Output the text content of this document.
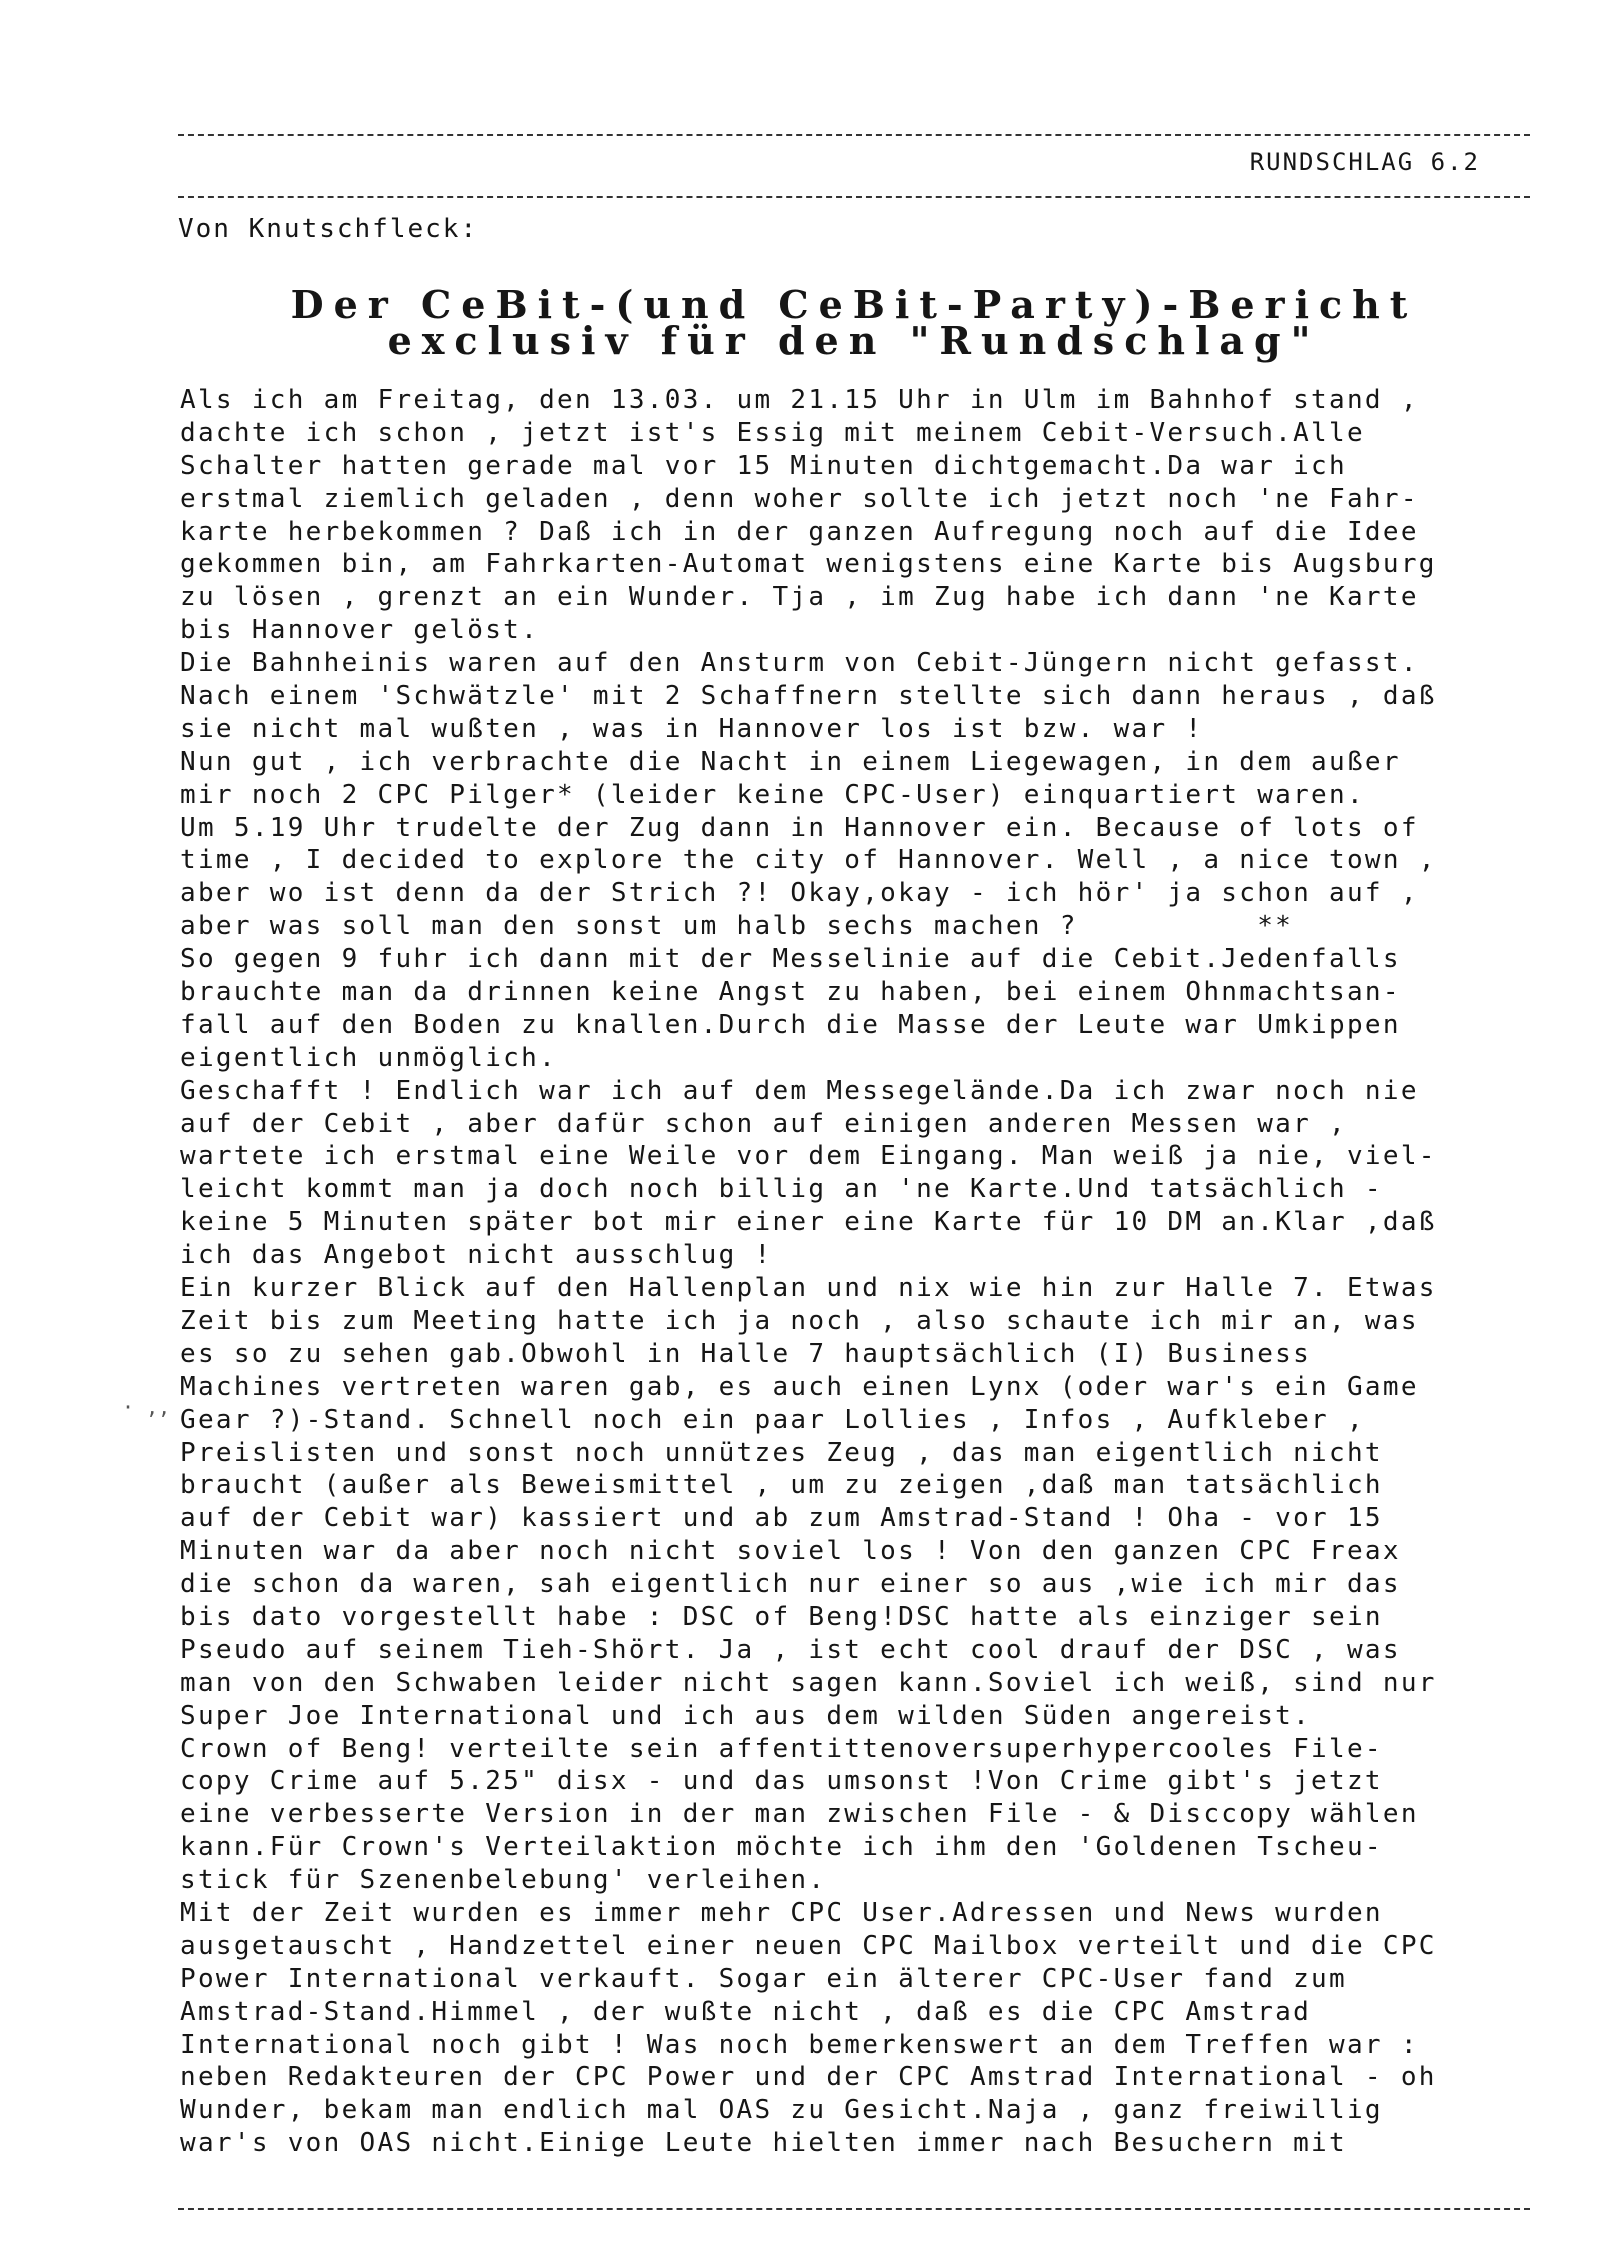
RUNDSCHLAG 6.2
Von Knutschfleck:
Der CeBit-(und CeBit-Party)-Bericht
exclusiv für den "Rundschlag"
Als ich am Freitag, den 13.03. um 21.15 Uhr in Ulm im Bahnhof stand ,
dachte ich schon , jetzt ist's Essig mit meinem Cebit-Versuch.Alle
Schalter hatten gerade mal vor 15 Minuten dichtgemacht.Da war ich
erstmal ziemlich geladen , denn woher sollte ich jetzt noch 'ne Fahr-
karte herbekommen ? Daß ich in der ganzen Aufregung noch auf die Idee
gekommen bin, am Fahrkarten-Automat wenigstens eine Karte bis Augsburg
zu lösen , grenzt an ein Wunder. Tja , im Zug habe ich dann 'ne Karte
bis Hannover gelöst.
Die Bahnheinis waren auf den Ansturm von Cebit-Jüngern nicht gefasst.
Nach einem 'Schwätzle' mit 2 Schaffnern stellte sich dann heraus , daß
sie nicht mal wußten , was in Hannover los ist bzw. war !
Nun gut , ich verbrachte die Nacht in einem Liegewagen, in dem außer
mir noch 2 CPC Pilger* (leider keine CPC-User) einquartiert waren.
Um 5.19 Uhr trudelte der Zug dann in Hannover ein. Because of lots of
time , I decided to explore the city of Hannover. Well , a nice town ,
aber wo ist denn da der Strich ?! Okay,okay - ich hör' ja schon auf ,
aber was soll man den sonst um halb sechs machen ?          **
So gegen 9 fuhr ich dann mit der Messelinie auf die Cebit.Jedenfalls
brauchte man da drinnen keine Angst zu haben, bei einem Ohnmachtsan-
fall auf den Boden zu knallen.Durch die Masse der Leute war Umkippen
eigentlich unmöglich.
Geschafft ! Endlich war ich auf dem Messegelände.Da ich zwar noch nie
auf der Cebit , aber dafür schon auf einigen anderen Messen war ,
wartete ich erstmal eine Weile vor dem Eingang. Man weiß ja nie, viel-
leicht kommt man ja doch noch billig an 'ne Karte.Und tatsächlich -
keine 5 Minuten später bot mir einer eine Karte für 10 DM an.Klar ,daß
ich das Angebot nicht ausschlug !
Ein kurzer Blick auf den Hallenplan und nix wie hin zur Halle 7. Etwas
Zeit bis zum Meeting hatte ich ja noch , also schaute ich mir an, was
es so zu sehen gab.Obwohl in Halle 7 hauptsächlich (I) Business
Machines vertreten waren gab, es auch einen Lynx (oder war's ein Game
Gear ?)-Stand. Schnell noch ein paar Lollies , Infos , Aufkleber ,
Preislisten und sonst noch unnützes Zeug , das man eigentlich nicht
braucht (außer als Beweismittel , um zu zeigen ,daß man tatsächlich
auf der Cebit war) kassiert und ab zum Amstrad-Stand ! Oha - vor 15
Minuten war da aber noch nicht soviel los ! Von den ganzen CPC Freax
die schon da waren, sah eigentlich nur einer so aus ,wie ich mir das
bis dato vorgestellt habe : DSC of Beng!DSC hatte als einziger sein
Pseudo auf seinem Tieh-Shört. Ja , ist echt cool drauf der DSC , was
man von den Schwaben leider nicht sagen kann.Soviel ich weiß, sind nur
Super Joe International und ich aus dem wilden Süden angereist.
Crown of Beng! verteilte sein affentittenoversuperhypercooles File-
copy Crime auf 5.25" disx - und das umsonst !Von Crime gibt's jetzt
eine verbesserte Version in der man zwischen File - & Disccopy wählen
kann.Für Crown's Verteilaktion möchte ich ihm den 'Goldenen Tscheu-
stick für Szenenbelebung' verleihen.
Mit der Zeit wurden es immer mehr CPC User.Adressen und News wurden
ausgetauscht , Handzettel einer neuen CPC Mailbox verteilt und die CPC
Power International verkauft. Sogar ein älterer CPC-User fand zum
Amstrad-Stand.Himmel , der wußte nicht , daß es die CPC Amstrad
International noch gibt ! Was noch bemerkenswert an dem Treffen war :
neben Redakteuren der CPC Power und der CPC Amstrad International - oh
Wunder, bekam man endlich mal OAS zu Gesicht.Naja , ganz freiwillig
war's von OAS nicht.Einige Leute hielten immer nach Besuchern mit
· ,,
